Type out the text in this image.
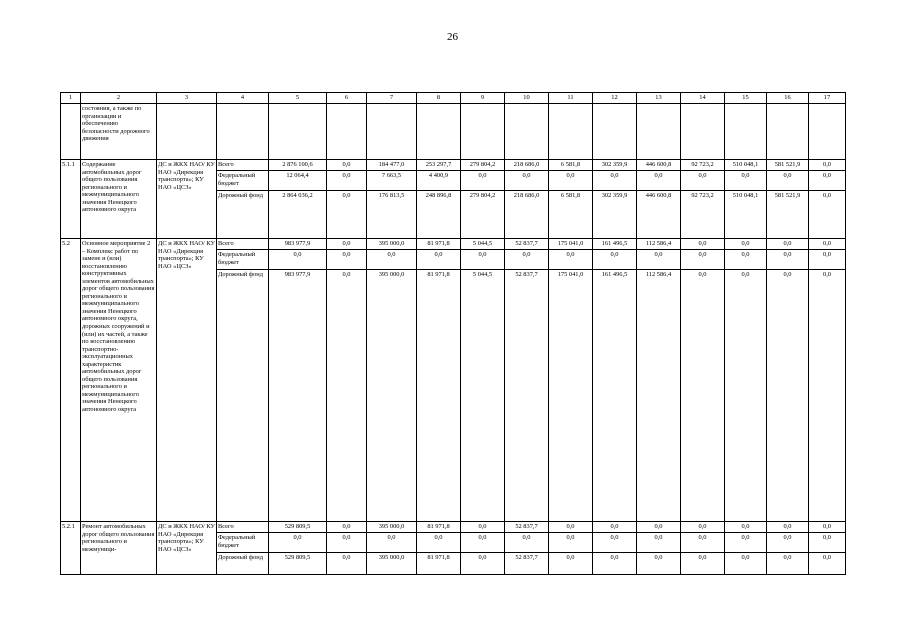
26
1	2	3	4	5	6	7	8	9	10	11	12	13	14	15	16	17
	состояния, а также по организации и обеспечению безопасности дорожного движения															
5.1.1	Содержание автомобильных дорог общего пользования регионального и межмуниципального значения Ненецкого автономного округа	ДС и ЖКХ НАО/ КУ НАО «Дирекция транспорта»; КУ НАО «ЦСЗ»	Всего	2 876 100,6	0,0	184 477,0	253 297,7	279 804,2	218 686,0	6 581,8	302 359,9	446 600,8	92 723,2	510 048,1	581 521,9	0,0
			Федеральный бюджет	12 064,4	0,0	7 663,5	4 400,9	0,0	0,0	0,0	0,0	0,0	0,0	0,0	0,0	0,0
			Дорожный фонд	2 864 036,2	0,0	176 813,5	248 896,8	279 804,2	218 686,0	6 581,8	302 359,9	446 600,8	92 723,2	510 048,1	581 521,9	0,0
5.2	Основное мероприятие 2 – Комплекс работ по замене и (или) восстановлению конструктивных элементов автомобильных дорог общего пользования регионального и межмуниципального значения Ненецкого автономного округа, дорожных сооружений и (или) их частей, а также по восстановлению транспортно-эксплуатационных характеристик автомобильных дорог общего пользования регионального и межмуниципального значения Ненецкого автономного округа	ДС и ЖКХ НАО/ КУ НАО «Дирекция транспорта»; КУ НАО «ЦСЗ»	Всего	983 977,9	0,0	395 000,0	81 971,8	5 044,5	52 837,7	175 041,0	161 496,5	112 586,4	0,0	0,0	0,0	0,0
			Федеральный бюджет	0,0	0,0	0,0	0,0	0,0	0,0	0,0	0,0	0,0	0,0	0,0	0,0	0,0
			Дорожный фонд	983 977,9	0,0	395 000,0	81 971,8	5 044,5	52 837,7	175 041,0	161 496,5	112 586,4	0,0	0,0	0,0	0,0
5.2.1	Ремонт автомобильных дорог общего пользования регионального и межмуници-	ДС и ЖКХ НАО/ КУ НАО «Дирекция транспорта»; КУ НАО «ЦСЗ»	Всего	529 809,5	0,0	395 000,0	81 971,8	0,0	52 837,7	0,0	0,0	0,0	0,0	0,0	0,0	0,0
			Федеральный бюджет	0,0	0,0	0,0	0,0	0,0	0,0	0,0	0,0	0,0	0,0	0,0	0,0	0,0
			Дорожный фонд	529 809,5	0,0	395 000,0	81 971,8	0,0	52 837,7	0,0	0,0	0,0	0,0	0,0	0,0	0,0
